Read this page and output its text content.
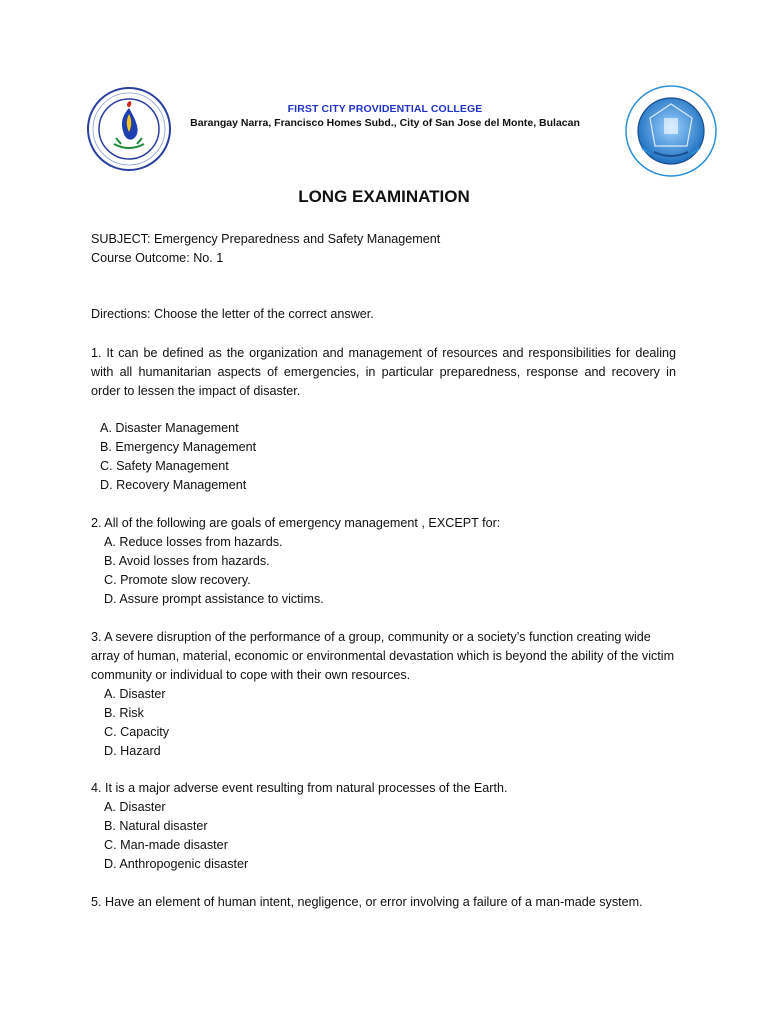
FIRST CITY PROVIDENTIAL COLLEGE
Barangay Narra, Francisco Homes Subd., City of San Jose del Monte, Bulacan
LONG EXAMINATION
SUBJECT: Emergency Preparedness and Safety Management
Course Outcome: No. 1
Directions: Choose the letter of the correct answer.
1. It can be defined as the organization and management of resources and responsibilities for dealing with all humanitarian aspects of emergencies, in particular preparedness, response and recovery in order to lessen the impact of disaster.
A. Disaster Management
B. Emergency Management
C. Safety Management
D. Recovery Management
2. All of the following are goals of emergency management , EXCEPT for:
A. Reduce losses from hazards.
B. Avoid losses from hazards.
C. Promote slow recovery.
D. Assure prompt assistance to victims.
3. A severe disruption of the performance of a group, community or a society’s function creating wide array of human, material, economic or environmental devastation which is beyond the ability of the victim community or individual to cope with their own resources.
A. Disaster
B. Risk
C. Capacity
D. Hazard
4. It is a major adverse event resulting from natural processes of the Earth.
A. Disaster
B. Natural disaster
C. Man-made disaster
D. Anthropogenic disaster
5. Have an element of human intent, negligence, or error involving a failure of a man-made system.
